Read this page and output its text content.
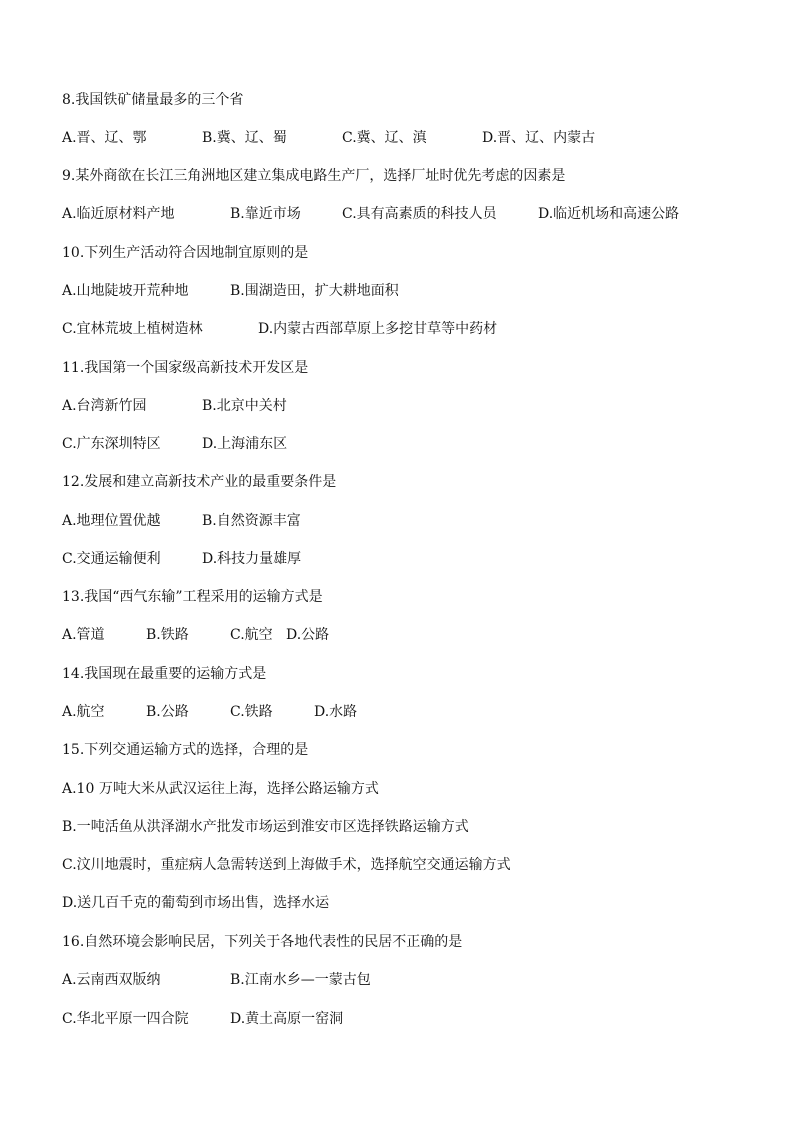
8.我国铁矿储量最多的三个省
A.晋、辽、鄂	B.冀、辽、蜀	C.冀、辽、滇	D.晋、辽、内蒙古
9.某外商欲在长江三角洲地区建立集成电路生产厂，选择厂址时优先考虑的因素是
A.临近原材料产地	B.靠近市场	C.具有高素质的科技人员	D.临近机场和高速公路
10.下列生产活动符合因地制宜原则的是
A.山地陡坡开荒种地	B.围湖造田，扩大耕地面积
C.宜林荒坡上植树造林	D.内蒙古西部草原上多挖甘草等中药材
11.我国第一个国家级高新技术开发区是
A.台湾新竹园	B.北京中关村
C.广东深圳特区	D.上海浦东区
12.发展和建立高新技术产业的最重要条件是
A.地理位置优越	B.自然资源丰富
C.交通运输便利	D.科技力量雄厚
13.我国“西气东输”工程采用的运输方式是
A.管道	B.铁路	C.航空 D.公路
14.我国现在最重要的运输方式是
A.航空	B.公路	C.铁路	D.水路
15.下列交通运输方式的选择，合理的是
A.10 万吨大米从武汉运往上海，选择公路运输方式
B.一吨活鱼从洪泽湖水产批发市场运到淮安市区选择铁路运输方式
C.汶川地震时，重症病人急需转送到上海做手术，选择航空交通运输方式
D.送几百千克的葡萄到市场出售，选择水运
16.自然环境会影响民居，下列关于各地代表性的民居不正确的是
A.云南西双版纳	B.江南水乡—一蒙古包
C.华北平原一四合院	D.黄土高原一窑洞
